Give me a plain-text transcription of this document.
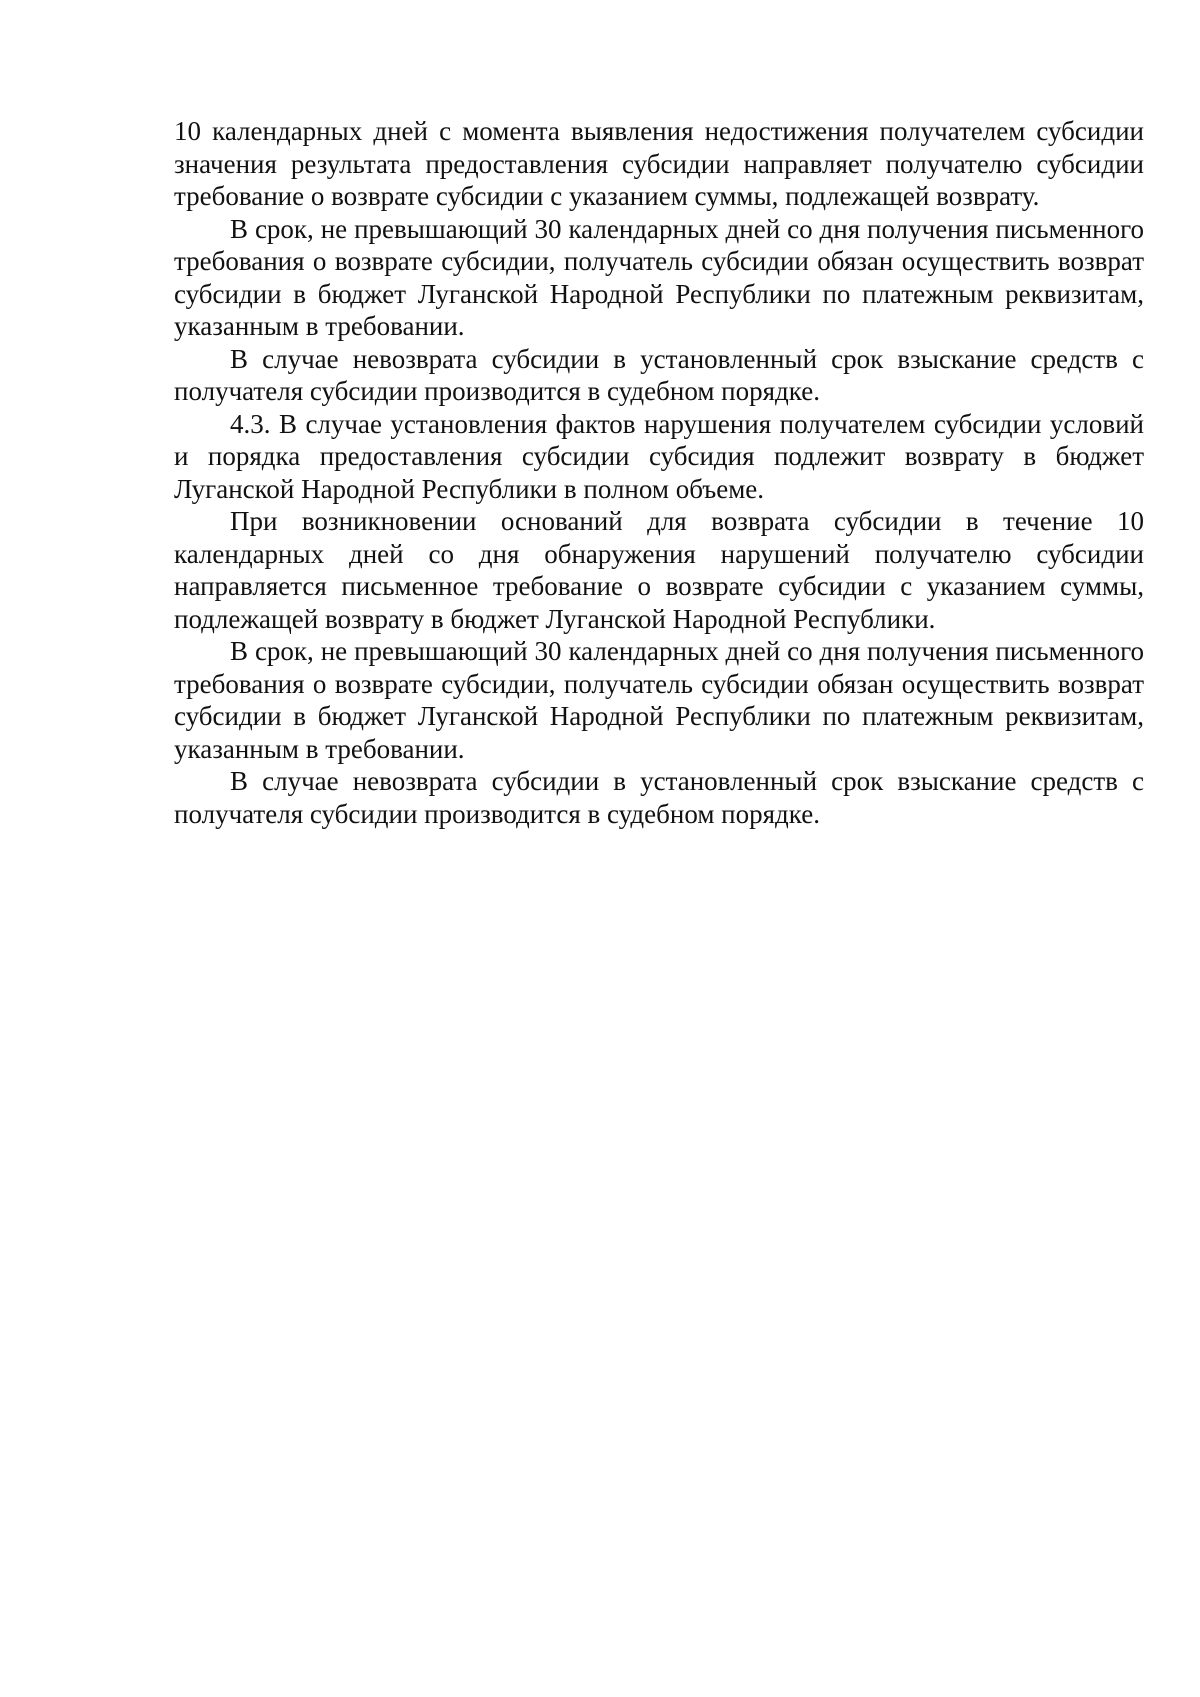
10 календарных дней с момента выявления недостижения получателем субсидии значения результата предоставления субсидии направляет получателю субсидии требование о возврате субсидии с указанием суммы, подлежащей возврату.

В срок, не превышающий 30 календарных дней со дня получения письменного требования о возврате субсидии, получатель субсидии обязан осуществить возврат субсидии в бюджет Луганской Народной Республики по платежным реквизитам, указанным в требовании.

В случае невозврата субсидии в установленный срок взыскание средств с получателя субсидии производится в судебном порядке.

4.3. В случае установления фактов нарушения получателем субсидии условий и порядка предоставления субсидии субсидия подлежит возврату в бюджет Луганской Народной Республики в полном объеме.

При возникновении оснований для возврата субсидии в течение 10 календарных дней со дня обнаружения нарушений получателю субсидии направляется письменное требование о возврате субсидии с указанием суммы, подлежащей возврату в бюджет Луганской Народной Республики.

В срок, не превышающий 30 календарных дней со дня получения письменного требования о возврате субсидии, получатель субсидии обязан осуществить возврат субсидии в бюджет Луганской Народной Республики по платежным реквизитам, указанным в требовании.

В случае невозврата субсидии в установленный срок взыскание средств с получателя субсидии производится в судебном порядке.
